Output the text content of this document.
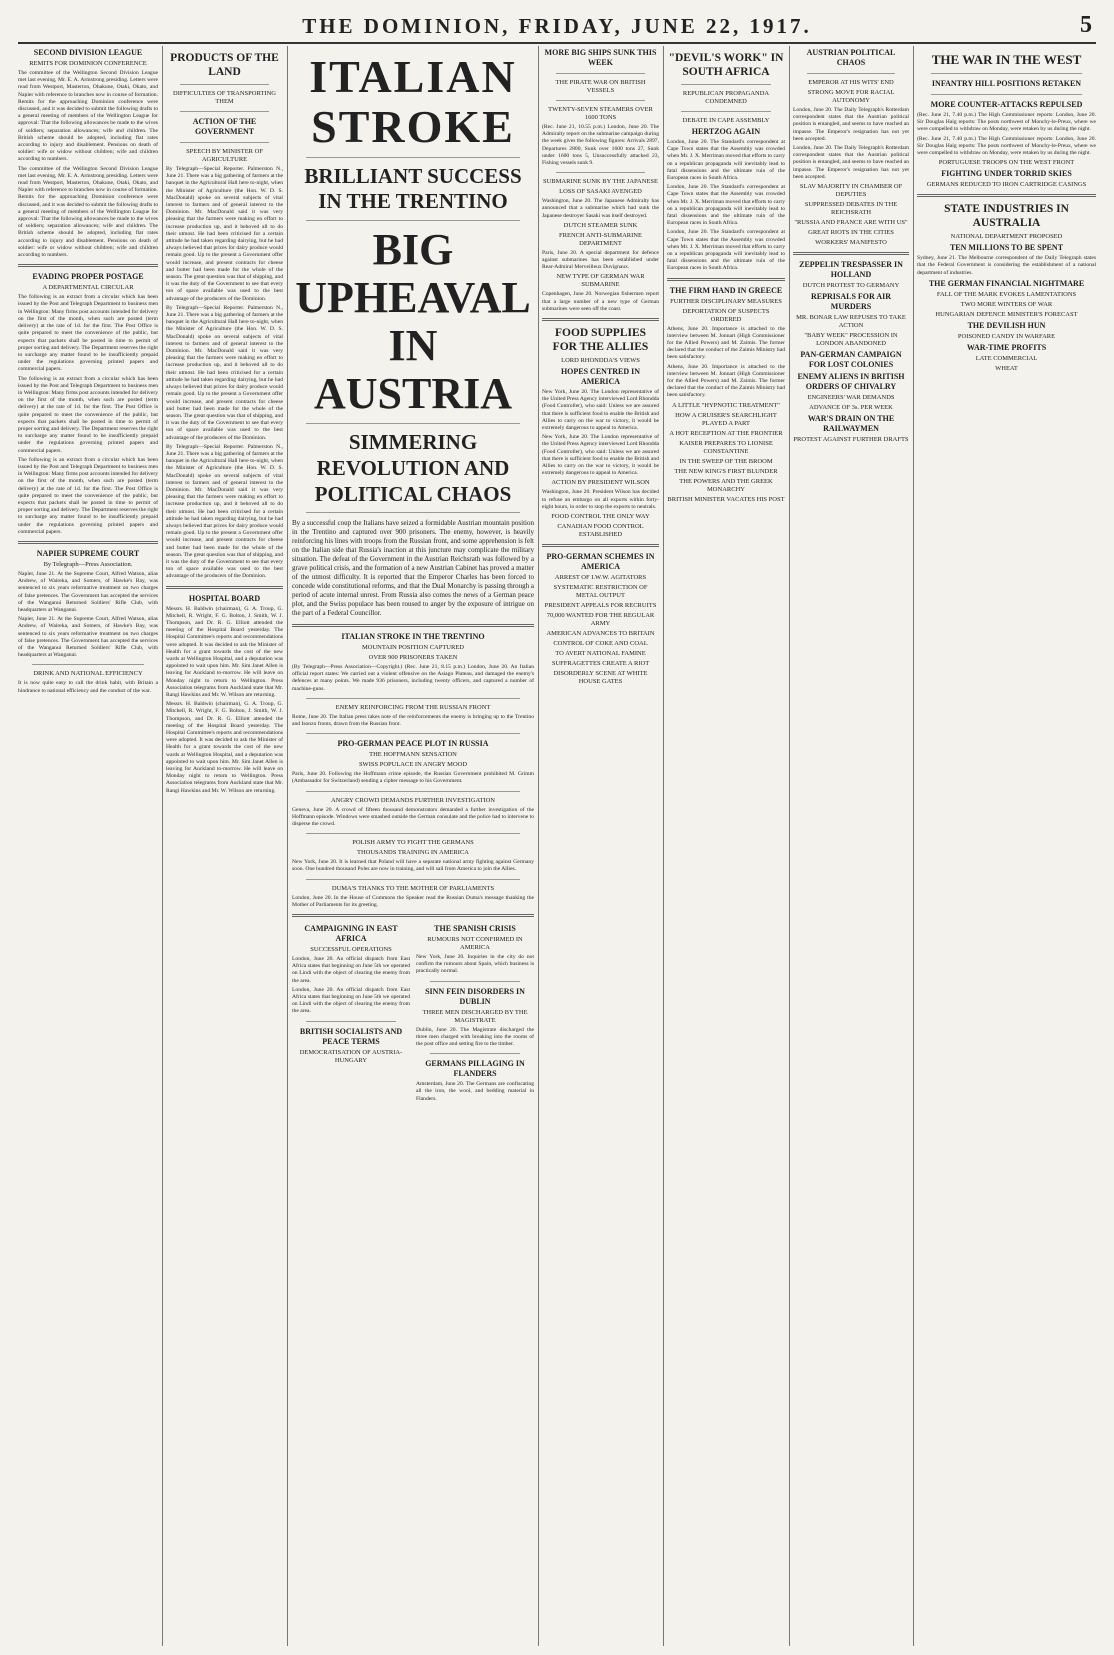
THE DOMINION, FRIDAY, JUNE 22, 1917.	5
SECOND DIVISION LEAGUE
REMITS FOR DOMINION CONFERENCE
The committee of the Wellington Second Division League met last evening, Mr. E. A. Armstrong presiding. Letters were read from Westport, Masterton, Ohakune, Otaki, Okato, and Napier with reference to branches now in course of formation. Remits for the approaching Dominion conference were discussed, and it was decided to submit the following drafts to a general meeting of members of the Wellington League for approval: That the following allowances be made to the wives of soldiers; separation allowances; wife and children. The British scheme should be adopted, including flat rates according to injury and disablement. Pensions on death of soldier: wife or widow without children; wife and children according to numbers.
The committee of the Wellington Second Division League met last evening, Mr. E. A. Armstrong presiding. Letters were read from Westport, Masterton, Ohakune, Otaki, Okato, and Napier with reference to branches now in course of formation. Remits for the approaching Dominion conference were discussed, and it was decided to submit the following drafts to a general meeting of members of the Wellington League for approval: That the following allowances be made to the wives of soldiers; separation allowances; wife and children. The British scheme should be adopted, including flat rates according to injury and disablement. Pensions on death of soldier: wife or widow without children; wife and children according to numbers.
EVADING PROPER POSTAGE
A DEPARTMENTAL CIRCULAR
The following is an extract from a circular which has been issued by the Post and Telegraph Department to business men in Wellington: Many firms post accounts intended for delivery on the first of the month, when such are posted (term delivery) at the rate of 1d. for the first. The Post Office is quite prepared to meet the convenience of the public, but expects that packets shall be posted in time to permit of proper sorting and delivery. The Department reserves the right to surcharge any matter found to be insufficiently prepaid under the regulations governing printed papers and commercial papers.
The following is an extract from a circular which has been issued by the Post and Telegraph Department to business men in Wellington: Many firms post accounts intended for delivery on the first of the month, when such are posted (term delivery) at the rate of 1d. for the first. The Post Office is quite prepared to meet the convenience of the public, but expects that packets shall be posted in time to permit of proper sorting and delivery. The Department reserves the right to surcharge any matter found to be insufficiently prepaid under the regulations governing printed papers and commercial papers.
The following is an extract from a circular which has been issued by the Post and Telegraph Department to business men in Wellington: Many firms post accounts intended for delivery on the first of the month, when such are posted (term delivery) at the rate of 1d. for the first. The Post Office is quite prepared to meet the convenience of the public, but expects that packets shall be posted in time to permit of proper sorting and delivery. The Department reserves the right to surcharge any matter found to be insufficiently prepaid under the regulations governing printed papers and commercial papers.
NAPIER SUPREME COURT
By Telegraph—Press Association.
Napier, June 21. At the Supreme Court, Alfred Watson, alias Andrew, of Waireka, and Somers, of Hawke's Bay, was sentenced to six years reformative treatment on two charges of false pretences. The Government has accepted the services of the Wanganui Returned Soldiers' Rifle Club, with headquarters at Wanganui.
Napier, June 21. At the Supreme Court, Alfred Watson, alias Andrew, of Waireka, and Somers, of Hawke's Bay, was sentenced to six years reformative treatment on two charges of false pretences. The Government has accepted the services of the Wanganui Returned Soldiers' Rifle Club, with headquarters at Wanganui.
DRINK AND NATIONAL EFFICIENCY
It is now quite easy to call the drink habit, with Britain a hindrance to national efficiency and the conduct of the war.
PRODUCTS OF THE LAND
DIFFICULTIES OF TRANSPORTING THEM
ACTION OF THE GOVERNMENT
SPEECH BY MINISTER OF AGRICULTURE
By Telegraph—Special Reporter. Palmerston N., June 21. There was a big gathering of farmers at the banquet in the Agricultural Hall here to-night, when the Minister of Agriculture (the Hon. W. D. S. MacDonald) spoke on several subjects of vital interest to farmers and of general interest to the Dominion. Mr. MacDonald said it was very pleasing that the farmers were making en effort to increase production up, and it behoved all to do their utmost. He had been criticised for a certain attitude he had taken regarding dairying, but he had always believed that prices for dairy produce would remain good. Up to the present a Government offer would increase, and present contracts for cheese and butter had been made for the whole of the season. The great question was that of shipping, and it was the duty of the Government to see that every ton of space available was used to the best advantage of the producers of the Dominion.
By Telegraph—Special Reporter. Palmerston N., June 21. There was a big gathering of farmers at the banquet in the Agricultural Hall here to-night, when the Minister of Agriculture (the Hon. W. D. S. MacDonald) spoke on several subjects of vital interest to farmers and of general interest to the Dominion. Mr. MacDonald said it was very pleasing that the farmers were making en effort to increase production up, and it behoved all to do their utmost. He had been criticised for a certain attitude he had taken regarding dairying, but he had always believed that prices for dairy produce would remain good. Up to the present a Government offer would increase, and present contracts for cheese and butter had been made for the whole of the season. The great question was that of shipping, and it was the duty of the Government to see that every ton of space available was used to the best advantage of the producers of the Dominion.
By Telegraph—Special Reporter. Palmerston N., June 21. There was a big gathering of farmers at the banquet in the Agricultural Hall here to-night, when the Minister of Agriculture (the Hon. W. D. S. MacDonald) spoke on several subjects of vital interest to farmers and of general interest to the Dominion. Mr. MacDonald said it was very pleasing that the farmers were making en effort to increase production up, and it behoved all to do their utmost. He had been criticised for a certain attitude he had taken regarding dairying, but he had always believed that prices for dairy produce would remain good. Up to the present a Government offer would increase, and present contracts for cheese and butter had been made for the whole of the season. The great question was that of shipping, and it was the duty of the Government to see that every ton of space available was used to the best advantage of the producers of the Dominion.
HOSPITAL BOARD
Messrs. H. Baldwin (chairman), G. A. Troup, G. Mitchell, R. Wright, F. G. Bolton, J. Smith, W. J. Thompson, and Dr. R. G. Elliott attended the meeting of the Hospital Board yesterday. The Hospital Committee's reports and recommendations were adopted. It was decided to ask the Minister of Health for a grant towards the cost of the new wards at Wellington Hospital, and a deputation was appointed to wait upon him. Mr. Sim Janet Allen is leaving for Auckland to-morrow. He will leave on Monday night to return to Wellington. Press Association telegrams from Auckland state that Mr. Rangi Hawkins and Mr. W. Wilson are returning.
Messrs. H. Baldwin (chairman), G. A. Troup, G. Mitchell, R. Wright, F. G. Bolton, J. Smith, W. J. Thompson, and Dr. R. G. Elliott attended the meeting of the Hospital Board yesterday. The Hospital Committee's reports and recommendations were adopted. It was decided to ask the Minister of Health for a grant towards the cost of the new wards at Wellington Hospital, and a deputation was appointed to wait upon him. Mr. Sim Janet Allen is leaving for Auckland to-morrow. He will leave on Monday night to return to Wellington. Press Association telegrams from Auckland state that Mr. Rangi Hawkins and Mr. W. Wilson are returning.
ITALIAN STROKE
BRILLIANT SUCCESS IN THE TRENTINO
BIG UPHEAVAL IN AUSTRIA
SIMMERING REVOLUTION AND POLITICAL CHAOS
By a successful coup the Italians have seized a formidable Austrian mountain position in the Trentino and captured over 900 prisoners. The enemy, however, is heavily reinforcing his lines with troops from the Russian front, and some apprehension is felt on the Italian side that Russia's inaction at this juncture may complicate the military situation. The defeat of the Government in the Austrian Reichsrath was followed by a grave political crisis, and the formation of a new Austrian Cabinet has proved a matter of the utmost difficulty. It is reported that the Emperor Charles has been forced to concede wide constitutional reforms, and that the Dual Monarchy is passing through a period of acute internal unrest. From Russia also comes the news of a German peace plot, and the Swiss populace has been roused to anger by the exposure of intrigue on the part of a Federal Councillor.
ITALIAN STROKE IN THE TRENTINO
MOUNTAIN POSITION CAPTURED
OVER 900 PRISONERS TAKEN
(By Telegraph—Press Association—Copyright.) (Rec. June 21, 8.15 p.m.) London, June 20. An Italian official report states: We carried out a violent offensive on the Asiago Plateau, and damaged the enemy's defences at many points. We made 936 prisoners, including twenty officers, and captured a number of machine-guns.
ENEMY REINFORCING FROM THE RUSSIAN FRONT
Rome, June 20. The Italian press takes note of the reinforcements the enemy is bringing up to the Trentino and Isonzo fronts, drawn from the Russian front.
PRO-GERMAN PEACE PLOT IN RUSSIA
THE HOFFMANN SENSATION
SWISS POPULACE IN ANGRY MOOD
Paris, June 20. Following the Hoffmann crime episode, the Russian Government prohibited M. Grimm (Ambassador for Switzerland) sending a cipher message to his Government.
ANGRY CROWD DEMANDS FURTHER INVESTIGATION
Geneva, June 20. A crowd of fifteen thousand demonstrators demanded a further investigation of the Hoffmann episode. Windows were smashed outside the German consulate and the police had to intervene to disperse the crowd.
POLISH ARMY TO FIGHT THE GERMANS
THOUSANDS TRAINING IN AMERICA
New York, June 20. It is learned that Poland will have a separate national army fighting against Germany soon. One hundred thousand Poles are now in training, and will sail from America to join the Allies.
DUMA'S THANKS TO THE MOTHER OF PARLIAMENTS
London, June 20. In the House of Commons the Speaker read the Russian Duma's message thanking the Mother of Parliaments for its greeting.
CAMPAIGNING IN EAST AFRICA
SUCCESSFUL OPERATIONS
London, June 20. An official dispatch from East Africa states that beginning on June 5th we operated on Lindi with the object of clearing the enemy from the area.
London, June 20. An official dispatch from East Africa states that beginning on June 5th we operated on Lindi with the object of clearing the enemy from the area.
BRITISH SOCIALISTS AND PEACE TERMS
DEMOCRATISATION OF AUSTRIA-HUNGARY
THE SPANISH CRISIS
RUMOURS NOT CONFIRMED IN AMERICA
New York, June 20. Inquiries in the city do not confirm the rumours about Spain, which business is practically normal.
SINN FEIN DISORDERS IN DUBLIN
THREE MEN DISCHARGED BY THE MAGISTRATE
Dublin, June 20. The Magistrate discharged the three men charged with breaking into the rooms of the post office and setting fire to the timber.
GERMANS PILLAGING IN FLANDERS
Amsterdam, June 20. The Germans are confiscating all the iron, the wool, and bedding material in Flanders.
MORE BIG SHIPS SUNK THIS WEEK
THE PIRATE WAR ON BRITISH VESSELS
TWENTY-SEVEN STEAMERS OVER 1600 TONS
(Rec. June 21, 10.55 p.m.) London, June 20. The Admiralty report on the submarine campaign during the week gives the following figures: Arrivals 2897, Departures 2800, Sunk over 1600 tons 27, Sunk under 1600 tons 5, Unsuccessfully attacked 23, Fishing vessels sunk 9.
SUBMARINE SUNK BY THE JAPANESE
LOSS OF SASAKI AVENGED
Washington, June 20. The Japanese Admiralty has announced that a submarine which had sunk the Japanese destroyer Sasaki was itself destroyed.
DUTCH STEAMER SUNK
FRENCH ANTI-SUBMARINE DEPARTMENT
Paris, June 20. A special department for defence against submarines has been established under Rear-Admiral Merveilleux Duvignaux.
NEW TYPE OF GERMAN WAR SUBMARINE
Copenhagen, June 20. Norwegian fishermen report that a large number of a new type of German submarines were seen off the coast.
FOOD SUPPLIES FOR THE ALLIES
LORD RHONDDA'S VIEWS
HOPES CENTRED IN AMERICA
New York, June 20. The London representative of the United Press Agency interviewed Lord Rhondda (Food Controller), who said: Unless we are assured that there is sufficient food to enable the British and Allies to carry on the war to victory, it would be extremely dangerous to appeal to America.
New York, June 20. The London representative of the United Press Agency interviewed Lord Rhondda (Food Controller), who said: Unless we are assured that there is sufficient food to enable the British and Allies to carry on the war to victory, it would be extremely dangerous to appeal to America.
ACTION BY PRESIDENT WILSON
Washington, June 20. President Wilson has decided to refuse an embargo on all exports within forty-eight hours, in order to stop the exports to neutrals.
FOOD CONTROL THE ONLY WAY
CANADIAN FOOD CONTROL ESTABLISHED
PRO-GERMAN SCHEMES IN AMERICA
ARREST OF I.W.W. AGITATORS
SYSTEMATIC RESTRICTION OF METAL OUTPUT
PRESIDENT APPEALS FOR RECRUITS
70,000 WANTED FOR THE REGULAR ARMY
AMERICAN ADVANCES TO BRITAIN
CONTROL OF COKE AND COAL
TO AVERT NATIONAL FAMINE
SUFFRAGETTES CREATE A RIOT
DISORDERLY SCENE AT WHITE HOUSE GATES
"DEVIL'S WORK" IN SOUTH AFRICA
REPUBLICAN PROPAGANDA CONDEMNED
DEBATE IN CAPE ASSEMBLY
HERTZOG AGAIN
London, June 20. The Standard's correspondent at Cape Town states that the Assembly was crowded when Mr. J. X. Merriman moved that efforts to carry on a republican propaganda will inevitably lead to fatal dissensions and the ultimate ruin of the European races in South Africa.
London, June 20. The Standard's correspondent at Cape Town states that the Assembly was crowded when Mr. J. X. Merriman moved that efforts to carry on a republican propaganda will inevitably lead to fatal dissensions and the ultimate ruin of the European races in South Africa.
London, June 20. The Standard's correspondent at Cape Town states that the Assembly was crowded when Mr. J. X. Merriman moved that efforts to carry on a republican propaganda will inevitably lead to fatal dissensions and the ultimate ruin of the European races in South Africa.
THE FIRM HAND IN GREECE
FURTHER DISCIPLINARY MEASURES
DEPORTATION OF SUSPECTS ORDERED
Athens, June 20. Importance is attached to the interview between M. Jonnart (High Commissioner for the Allied Powers) and M. Zaimis. The former declared that the conduct of the Zaimis Ministry had been satisfactory.
Athens, June 20. Importance is attached to the interview between M. Jonnart (High Commissioner for the Allied Powers) and M. Zaimis. The former declared that the conduct of the Zaimis Ministry had been satisfactory.
A LITTLE "HYPNOTIC TREATMENT"
HOW A CRUISER'S SEARCHLIGHT PLAYED A PART
A HOT RECEPTION AT THE FRONTIER
KAISER PREPARES TO LIONISE CONSTANTINE
IN THE SWEEP OF THE BROOM
THE NEW KING'S FIRST BLUNDER
THE POWERS AND THE GREEK MONARCHY
BRITISH MINISTER VACATES HIS POST
AUSTRIAN POLITICAL CHAOS
EMPEROR AT HIS WITS' END
STRONG MOVE FOR RACIAL AUTONOMY
London, June 20. The Daily Telegraph's Rotterdam correspondent states that the Austrian political position is entangled, and seems to have reached an impasse. The Emperor's resignation has not yet been accepted.
London, June 20. The Daily Telegraph's Rotterdam correspondent states that the Austrian political position is entangled, and seems to have reached an impasse. The Emperor's resignation has not yet been accepted.
SLAV MAJORITY IN CHAMBER OF DEPUTIES
SUPPRESSED DEBATES IN THE REICHSRATH
"RUSSIA AND FRANCE ARE WITH US"
GREAT RIOTS IN THE CITIES
WORKERS' MANIFESTO
ZEPPELIN TRESPASSER IN HOLLAND
DUTCH PROTEST TO GERMANY
REPRISALS FOR AIR MURDERS
MR. BONAR LAW REFUSES TO TAKE ACTION
"BABY WEEK" PROCESSION IN LONDON ABANDONED
PAN-GERMAN CAMPAIGN FOR LOST COLONIES
ENEMY ALIENS IN BRITISH ORDERS OF CHIVALRY
ENGINEERS' WAR DEMANDS
ADVANCE OF 3s. PER WEEK
WAR'S DRAIN ON THE RAILWAYMEN
PROTEST AGAINST FURTHER DRAFTS
THE WAR IN THE WEST
INFANTRY HILL POSITIONS RETAKEN
MORE COUNTER-ATTACKS REPULSED
(Rec. June 21, 7.40 p.m.) The High Commissioner reports: London, June 20. Sir Douglas Haig reports: The posts northwest of Monchy-le-Preux, where we were compelled to withdraw on Monday, were retaken by us during the night.
(Rec. June 21, 7.40 p.m.) The High Commissioner reports: London, June 20. Sir Douglas Haig reports: The posts northwest of Monchy-le-Preux, where we were compelled to withdraw on Monday, were retaken by us during the night.
PORTUGUESE TROOPS ON THE WEST FRONT
FIGHTING UNDER TORRID SKIES
GERMANS REDUCED TO IRON CARTRIDGE CASINGS
STATE INDUSTRIES IN AUSTRALIA
NATIONAL DEPARTMENT PROPOSED
TEN MILLIONS TO BE SPENT
Sydney, June 21. The Melbourne correspondent of the Daily Telegraph states that the Federal Government is considering the establishment of a national department of industries.
THE GERMAN FINANCIAL NIGHTMARE
FALL OF THE MARK EVOKES LAMENTATIONS
TWO MORE WINTERS OF WAR
HUNGARIAN DEFENCE MINISTER'S FORECAST
THE DEVILISH HUN
POISONED CANDY IN WARFARE
WAR-TIME PROFITS
LATE COMMERCIAL
WHEAT
